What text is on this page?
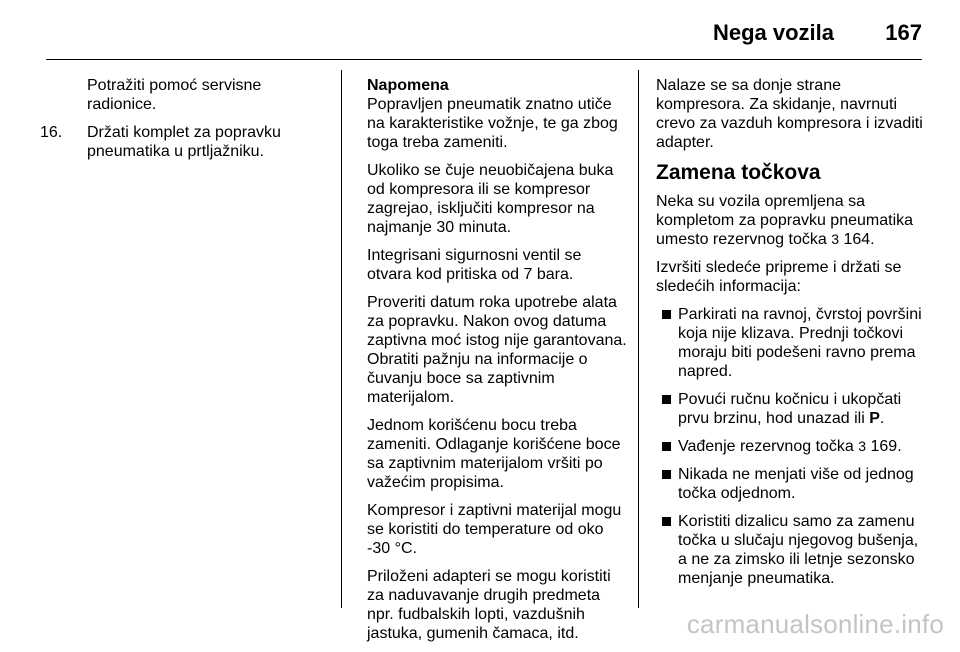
Nega vozila 167

Potražiti pomoć servisne radionice.

16. Držati komplet za popravku pneumatika u prtljažniku.

Napomena

Popravljen pneumatik znatno utiče na karakteristike vožnje, te ga zbog toga treba zameniti.

Ukoliko se čuje neuobičajena buka od kompresora ili se kompresor zagrejao, isključiti kompresor na najmanje 30 minuta.

Integrisani sigurnosni ventil se otvara kod pritiska od 7 bara.

Proveriti datum roka upotrebe alata za popravku. Nakon ovog datuma zaptivna moć istog nije garantovana. Obratiti pažnju na informacije o čuvanju boce sa zaptivnim materijalom.

Jednom korišćenu bocu treba zameniti. Odlaganje korišćene boce sa zaptivnim materijalom vršiti po važećim propisima.

Kompresor i zaptivni materijal mogu se koristiti do temperature od oko -30 °C.

Priloženi adapteri se mogu koristiti za naduvavanje drugih predmeta npr. fudbalskih lopti, vazdušnih jastuka, gumenih čamaca, itd.

Nalaze se sa donje strane kompresora. Za skidanje, navrnuti crevo za vazduh kompresora i izvaditi adapter.

Zamena točkova

Neka su vozila opremljena sa kompletom za popravku pneumatika umesto rezervnog točka 3 164.

Izvršiti sledeće pripreme i držati se sledećih informacija:

Parkirati na ravnoj, čvrstoj površini koja nije klizava. Prednji točkovi moraju biti podešeni ravno prema napred.
Povući ručnu kočnicu i ukopčati prvu brzinu, hod unazad ili P.
Vađenje rezervnog točka 3 169.
Nikada ne menjati više od jednog točka odjednom.
Koristiti dizalicu samo za zamenu točka u slučaju njegovog bušenja, a ne za zimsko ili letnje sezonsko menjanje pneumatika.
carmanualsonline.info
